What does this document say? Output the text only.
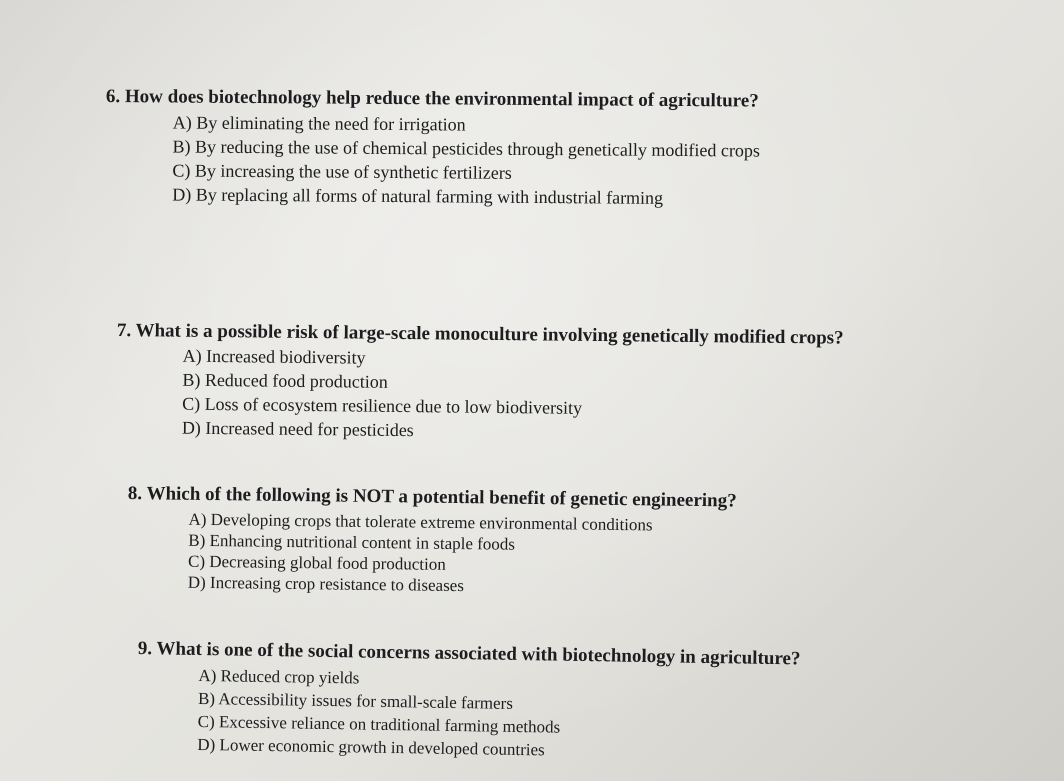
6. How does biotechnology help reduce the environmental impact of agriculture?

A) By eliminating the need for irrigation
B) By reducing the use of chemical pesticides through genetically modified crops
C) By increasing the use of synthetic fertilizers
D) By replacing all forms of natural farming with industrial farming

7. What is a possible risk of large-scale monoculture involving genetically modified crops?

A) Increased biodiversity
B) Reduced food production
C) Loss of ecosystem resilience due to low biodiversity
D) Increased need for pesticides

8. Which of the following is NOT a potential benefit of genetic engineering?

A) Developing crops that tolerate extreme environmental conditions
B) Enhancing nutritional content in staple foods
C) Decreasing global food production
D) Increasing crop resistance to diseases

9. What is one of the social concerns associated with biotechnology in agriculture?

A) Reduced crop yields
B) Accessibility issues for small-scale farmers
C) Excessive reliance on traditional farming methods
D) Lower economic growth in developed countries
